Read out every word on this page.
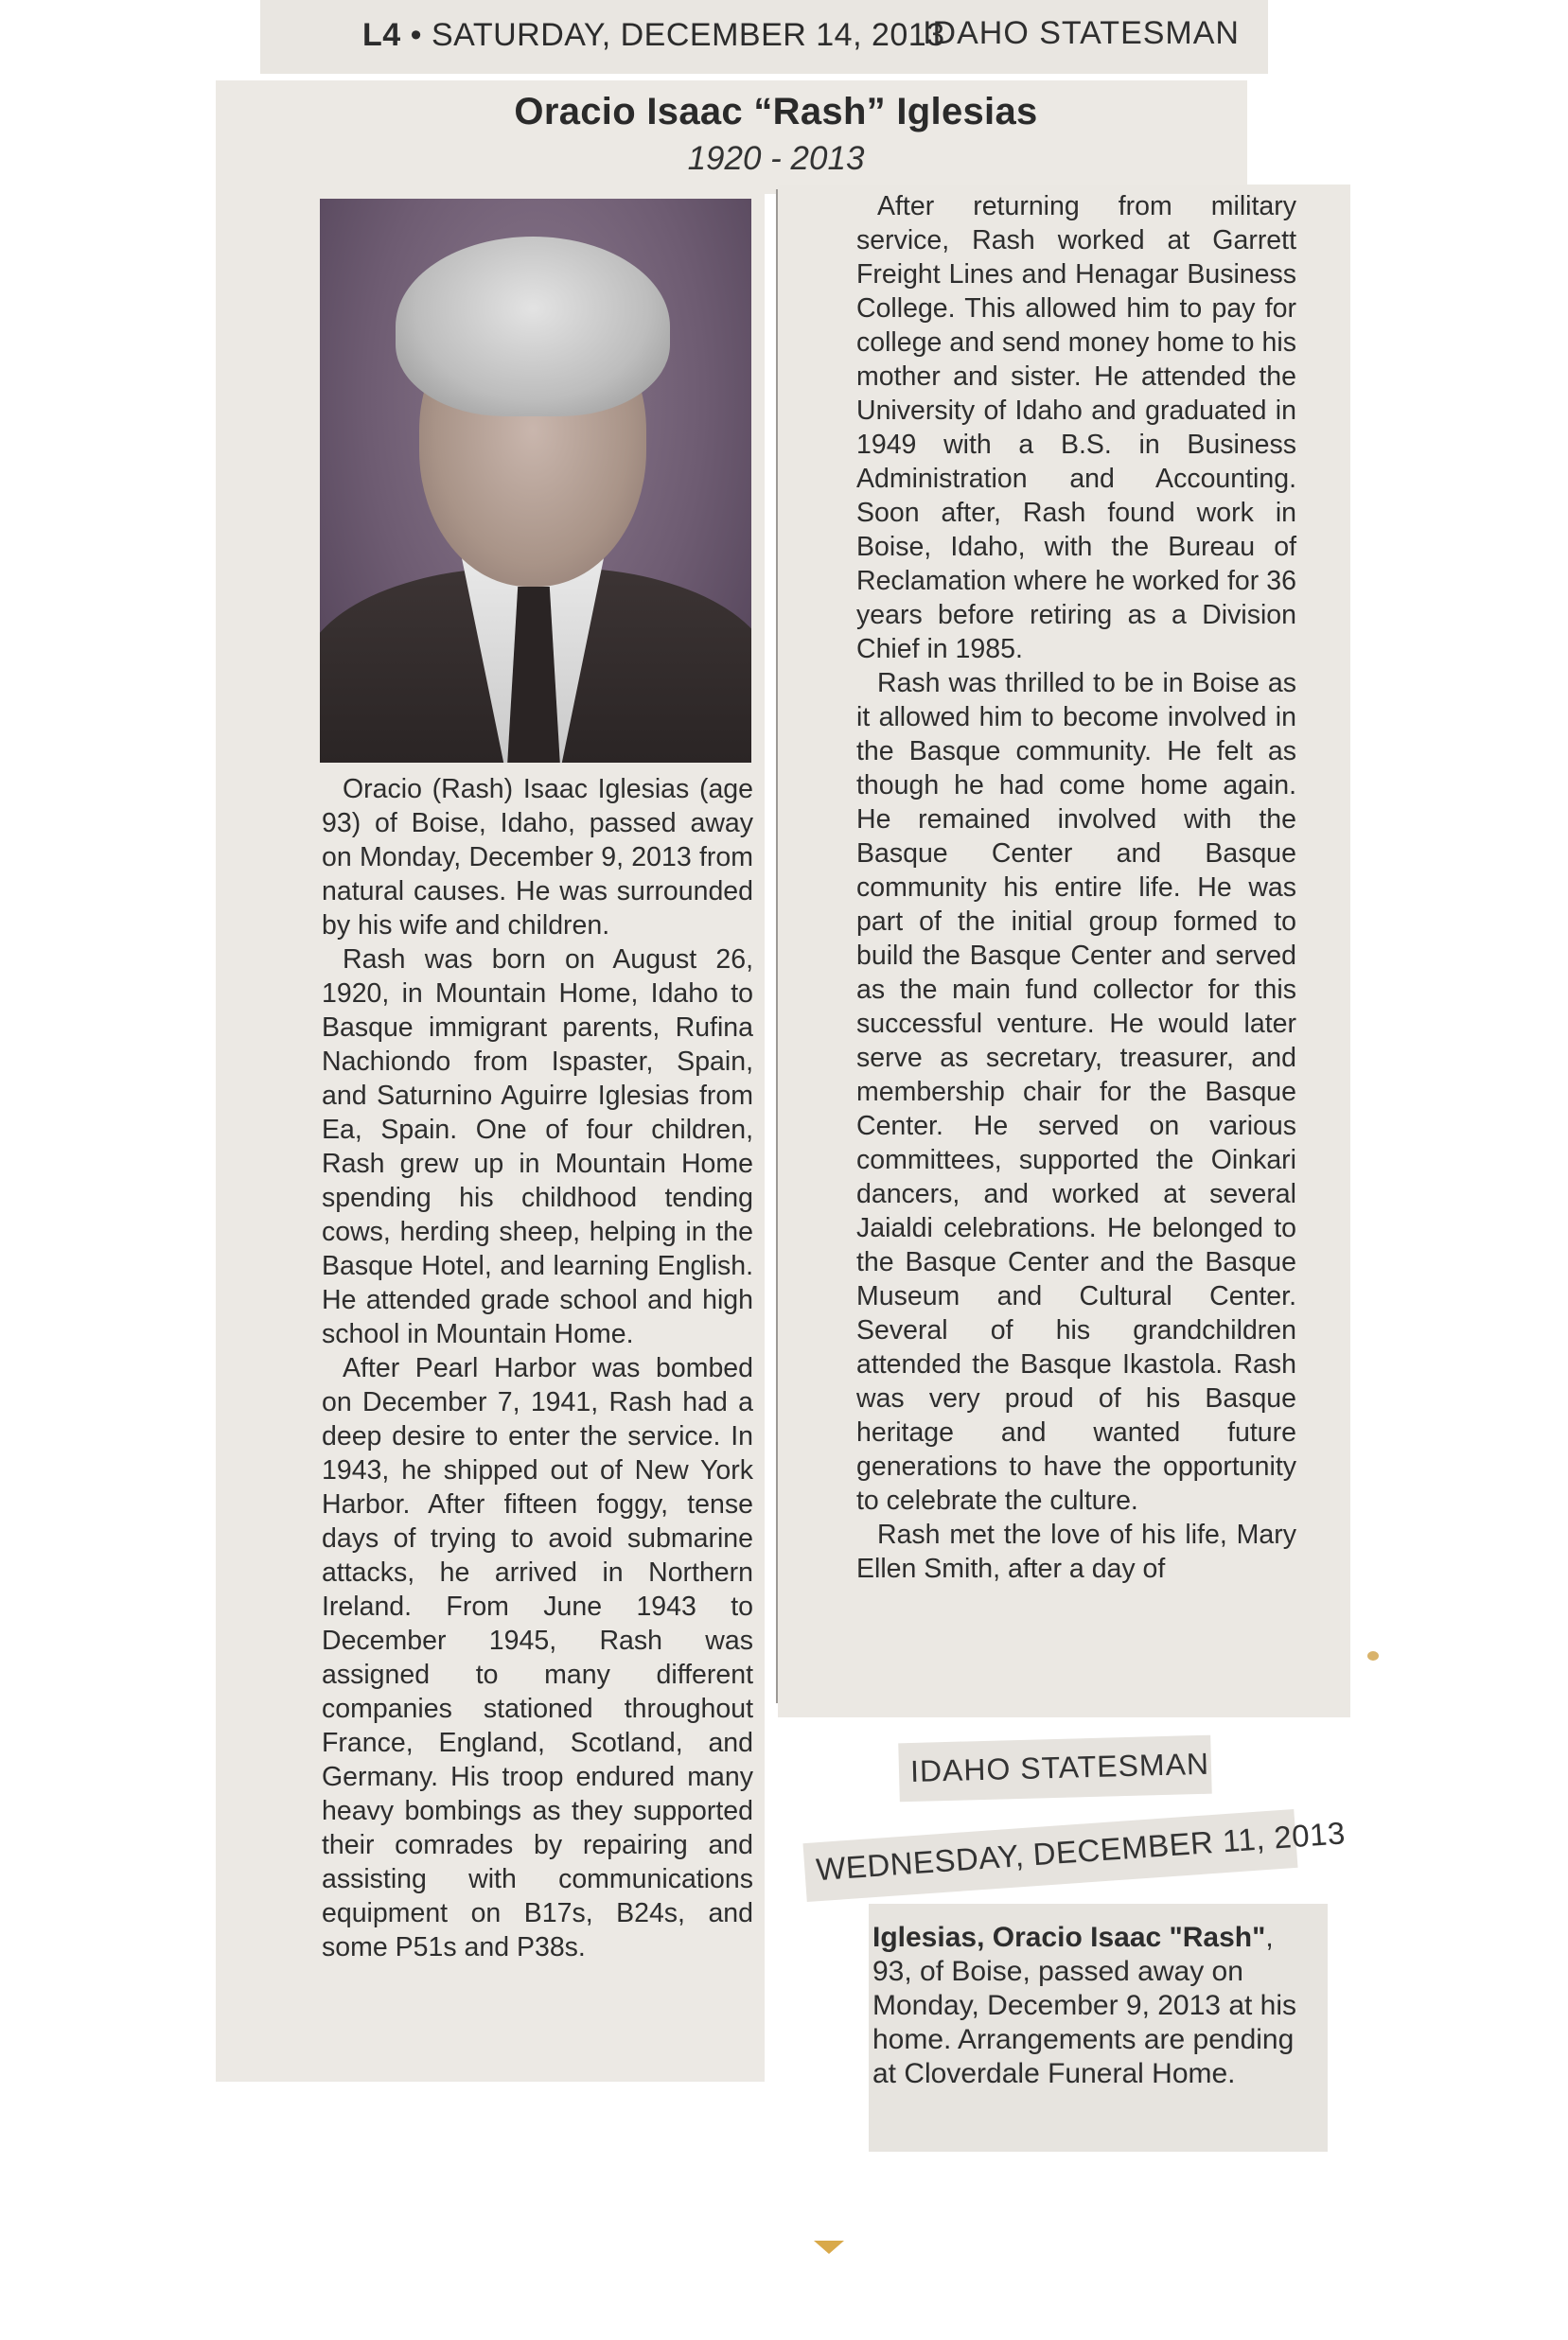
L4 • SATURDAY, DECEMBER 14, 2013
IDAHO STATESMAN
Oracio Isaac “Rash” Iglesias
1920 - 2013

Oracio (Rash) Isaac Iglesias (age 93) of Boise, Idaho, passed away on Monday, December 9, 2013 from natural causes. He was surrounded by his wife and children.

Rash was born on August 26, 1920, in Mountain Home, Idaho to Basque immigrant parents, Rufina Nachiondo from Ispaster, Spain, and Saturnino Aguirre Iglesias from Ea, Spain. One of four children, Rash grew up in Mountain Home spending his childhood tending cows, herding sheep, helping in the Basque Hotel, and learning English. He attended grade school and high school in Mountain Home.

After Pearl Harbor was bombed on December 7, 1941, Rash had a deep desire to enter the service. In 1943, he shipped out of New York Harbor. After fifteen foggy, tense days of trying to avoid submarine attacks, he arrived in Northern Ireland. From June 1943 to December 1945, Rash was assigned to many different companies stationed throughout France, England, Scotland, and Germany. His troop endured many heavy bombings as they supported their comrades by repairing and assisting with communications equipment on B17s, B24s, and some P51s and P38s.

After returning from military service, Rash worked at Garrett Freight Lines and Henagar Business College. This allowed him to pay for college and send money home to his mother and sister. He attended the University of Idaho and graduated in 1949 with a B.S. in Business Administration and Accounting. Soon after, Rash found work in Boise, Idaho, with the Bureau of Reclamation where he worked for 36 years before retiring as a Division Chief in 1985.

Rash was thrilled to be in Boise as it allowed him to become involved in the Basque community. He felt as though he had come home again. He remained involved with the Basque Center and Basque community his entire life. He was part of the initial group formed to build the Basque Center and served as the main fund collector for this successful venture. He would later serve as secretary, treasurer, and membership chair for the Basque Center. He served on various committees, supported the Oinkari dancers, and worked at several Jaialdi celebrations. He belonged to the Basque Center and the Basque Museum and Cultural Center. Several of his grandchildren attended the Basque Ikastola. Rash was very proud of his Basque heritage and wanted future generations to have the opportunity to celebrate the culture.

Rash met the love of his life, Mary Ellen Smith, after a day of

IDAHO STATESMAN
WEDNESDAY, DECEMBER 11, 2013

Iglesias, Oracio Isaac "Rash", 93, of Boise, passed away on Monday, December 9, 2013 at his home. Arrangements are pending at Cloverdale Funeral Home.
